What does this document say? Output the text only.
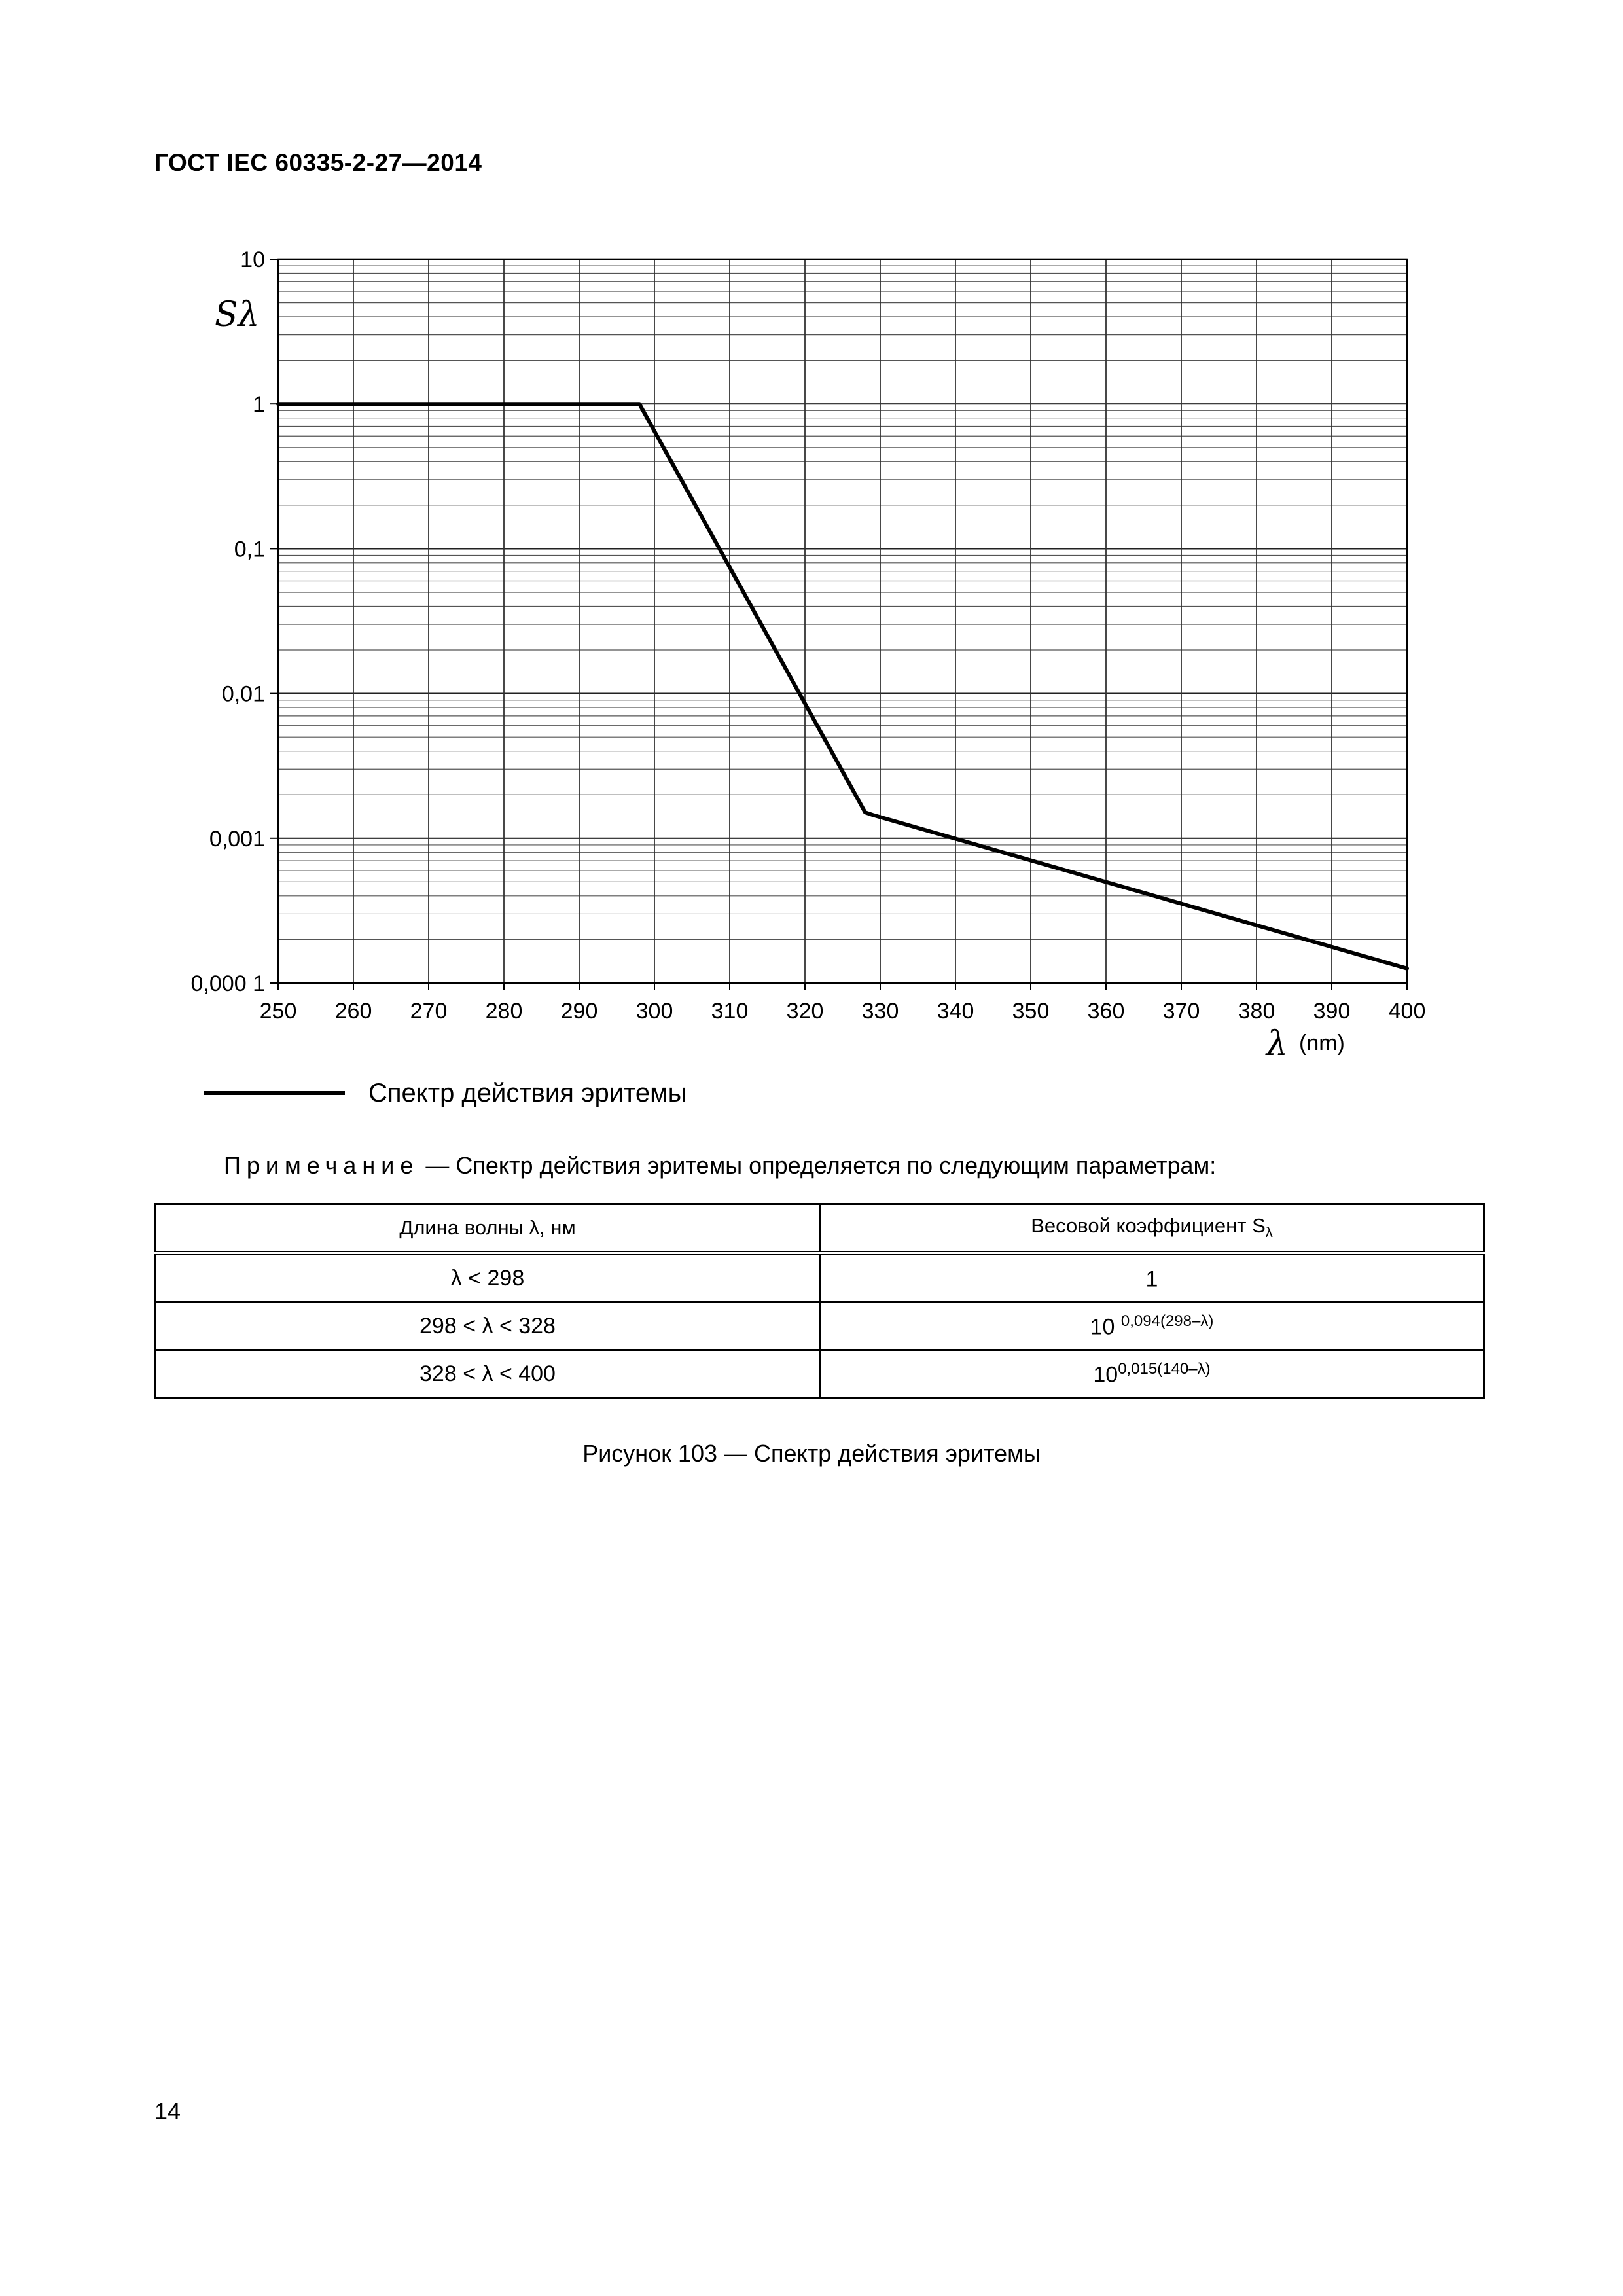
ГОСТ IEC 60335-2-27—2014
250 260 270 280 290 300 310 320 330 340 350 360 370 380 390 400
10
1
0,1
0,01
0,001
0,000 1
Sλ
λ (nm)
Спектр действия эритемы
Примечание — Спектр действия эритемы определяется по следующим параметрам:
Длина волны λ, нм	Весовой коэффициент $S_\lambda$
λ < 298	1
298 < λ < 328	10 $^{0,094(298-\lambda)}$
328 < λ < 400	$10^{0,015(140-\lambda)}$
Рисунок 103 — Спектр действия эритемы
14
